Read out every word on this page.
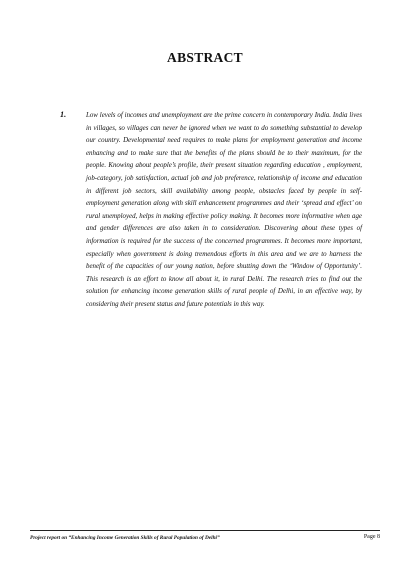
ABSTRACT
1.	Low levels of incomes and unemployment are the prime concern in contemporary India. India lives in villages, so villages can never be ignored when we want to do something substantial to develop our country. Developmental need requires to make plans for employment generation and income enhancing and to make sure that the benefits of the plans should be to their maximum, for the people. Knowing about people’s profile, their present situation regarding education , employment, job-category, job satisfaction, actual job and job preference, relationship of income and education in different job sectors, skill availability among people, obstacles faced by people in self- employment generation along with skill enhancement programmes and their ‘spread and effect’ on rural unemployed, helps in making effective policy making. It becomes more informative when age and gender differences are also taken in to consideration. Discovering about these types of information is required for the success of the concerned programmes. It becomes more important, especially when government is doing tremendous efforts in this area and we are to harness the benefit of the capacities of our young nation, before shutting down the ‘Window of Opportunity’. This research is an effort to know all about it, in rural Delhi. The research tries to find out the solution for enhancing income generation skills of rural people of Delhi, in an effective way, by considering their present status and future potentials in this way.
Project report on “Enhancing Income Generation Skills of Rural Population of Delhi”	Page 8
